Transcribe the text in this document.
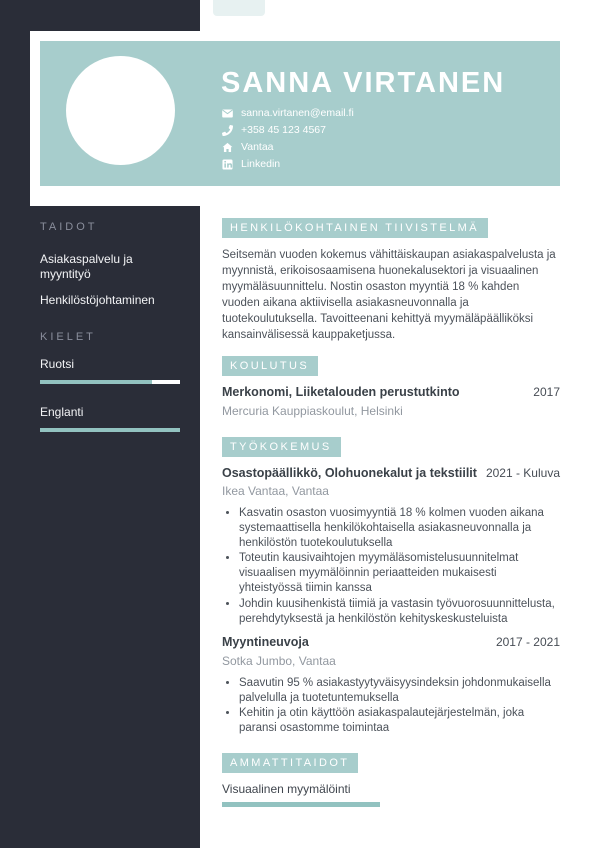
TAIDOT
Asiakaspalvelu ja myyntityö
Henkilöstöjohtaminen
KIELET
Ruotsi
Englanti
SANNA VIRTANEN
sanna.virtanen@email.fi
+358 45 123 4567
Vantaa
Linkedin
HENKILÖKOHTAINEN TIIVISTELMÄ
Seitsemän vuoden kokemus vähittäiskaupan asiakaspalvelusta ja myynnistä, erikoisosaamisena huonekalusektori ja visuaalinen myymäläsuunnittelu. Nostin osaston myyntiä 18 % kahden vuoden aikana aktiivisella asiakasneuvonnalla ja tuotekoulutuksella. Tavoitteenani kehittyä myymäläpäälliköksi kansainvälisessä kauppaketjussa.
KOULUTUS
Merkonomi, Liiketalouden perustutkinto	2017
Mercuria Kauppiaskoulut, Helsinki
TYÖKOKEMUS
Osastopäällikkö, Olohuonekalut ja tekstiilit 2021 - Kuluva
Ikea Vantaa, Vantaa
• Kasvatin osaston vuosimyyntiä 18 % kolmen vuoden aikana systemaattisella henkilökohtaisella asiakasneuvonnalla ja henkilöstön tuotekoulutuksella
• Toteutin kausivaihtojen myymäläsomistelusuunnitelmat visuaalisen myymälöinnin periaatteiden mukaisesti yhteistyössä tiimin kanssa
• Johdin kuusihenkistä tiimiä ja vastasin työvuorosuunnittelusta, perehdytyksestä ja henkilöstön kehityskeskusteluista
Myyntineuvoja	2017 - 2021
Sotka Jumbo, Vantaa
• Saavutin 95 % asiakastyytyväisyysindeksin johdonmukaisella palvelulla ja tuotetuntemuksella
• Kehitin ja otin käyttöön asiakaspalautejärjestelmän, joka paransi osastomme toimintaa
AMMATTITAIDOT
Visuaalinen myymälöinti
